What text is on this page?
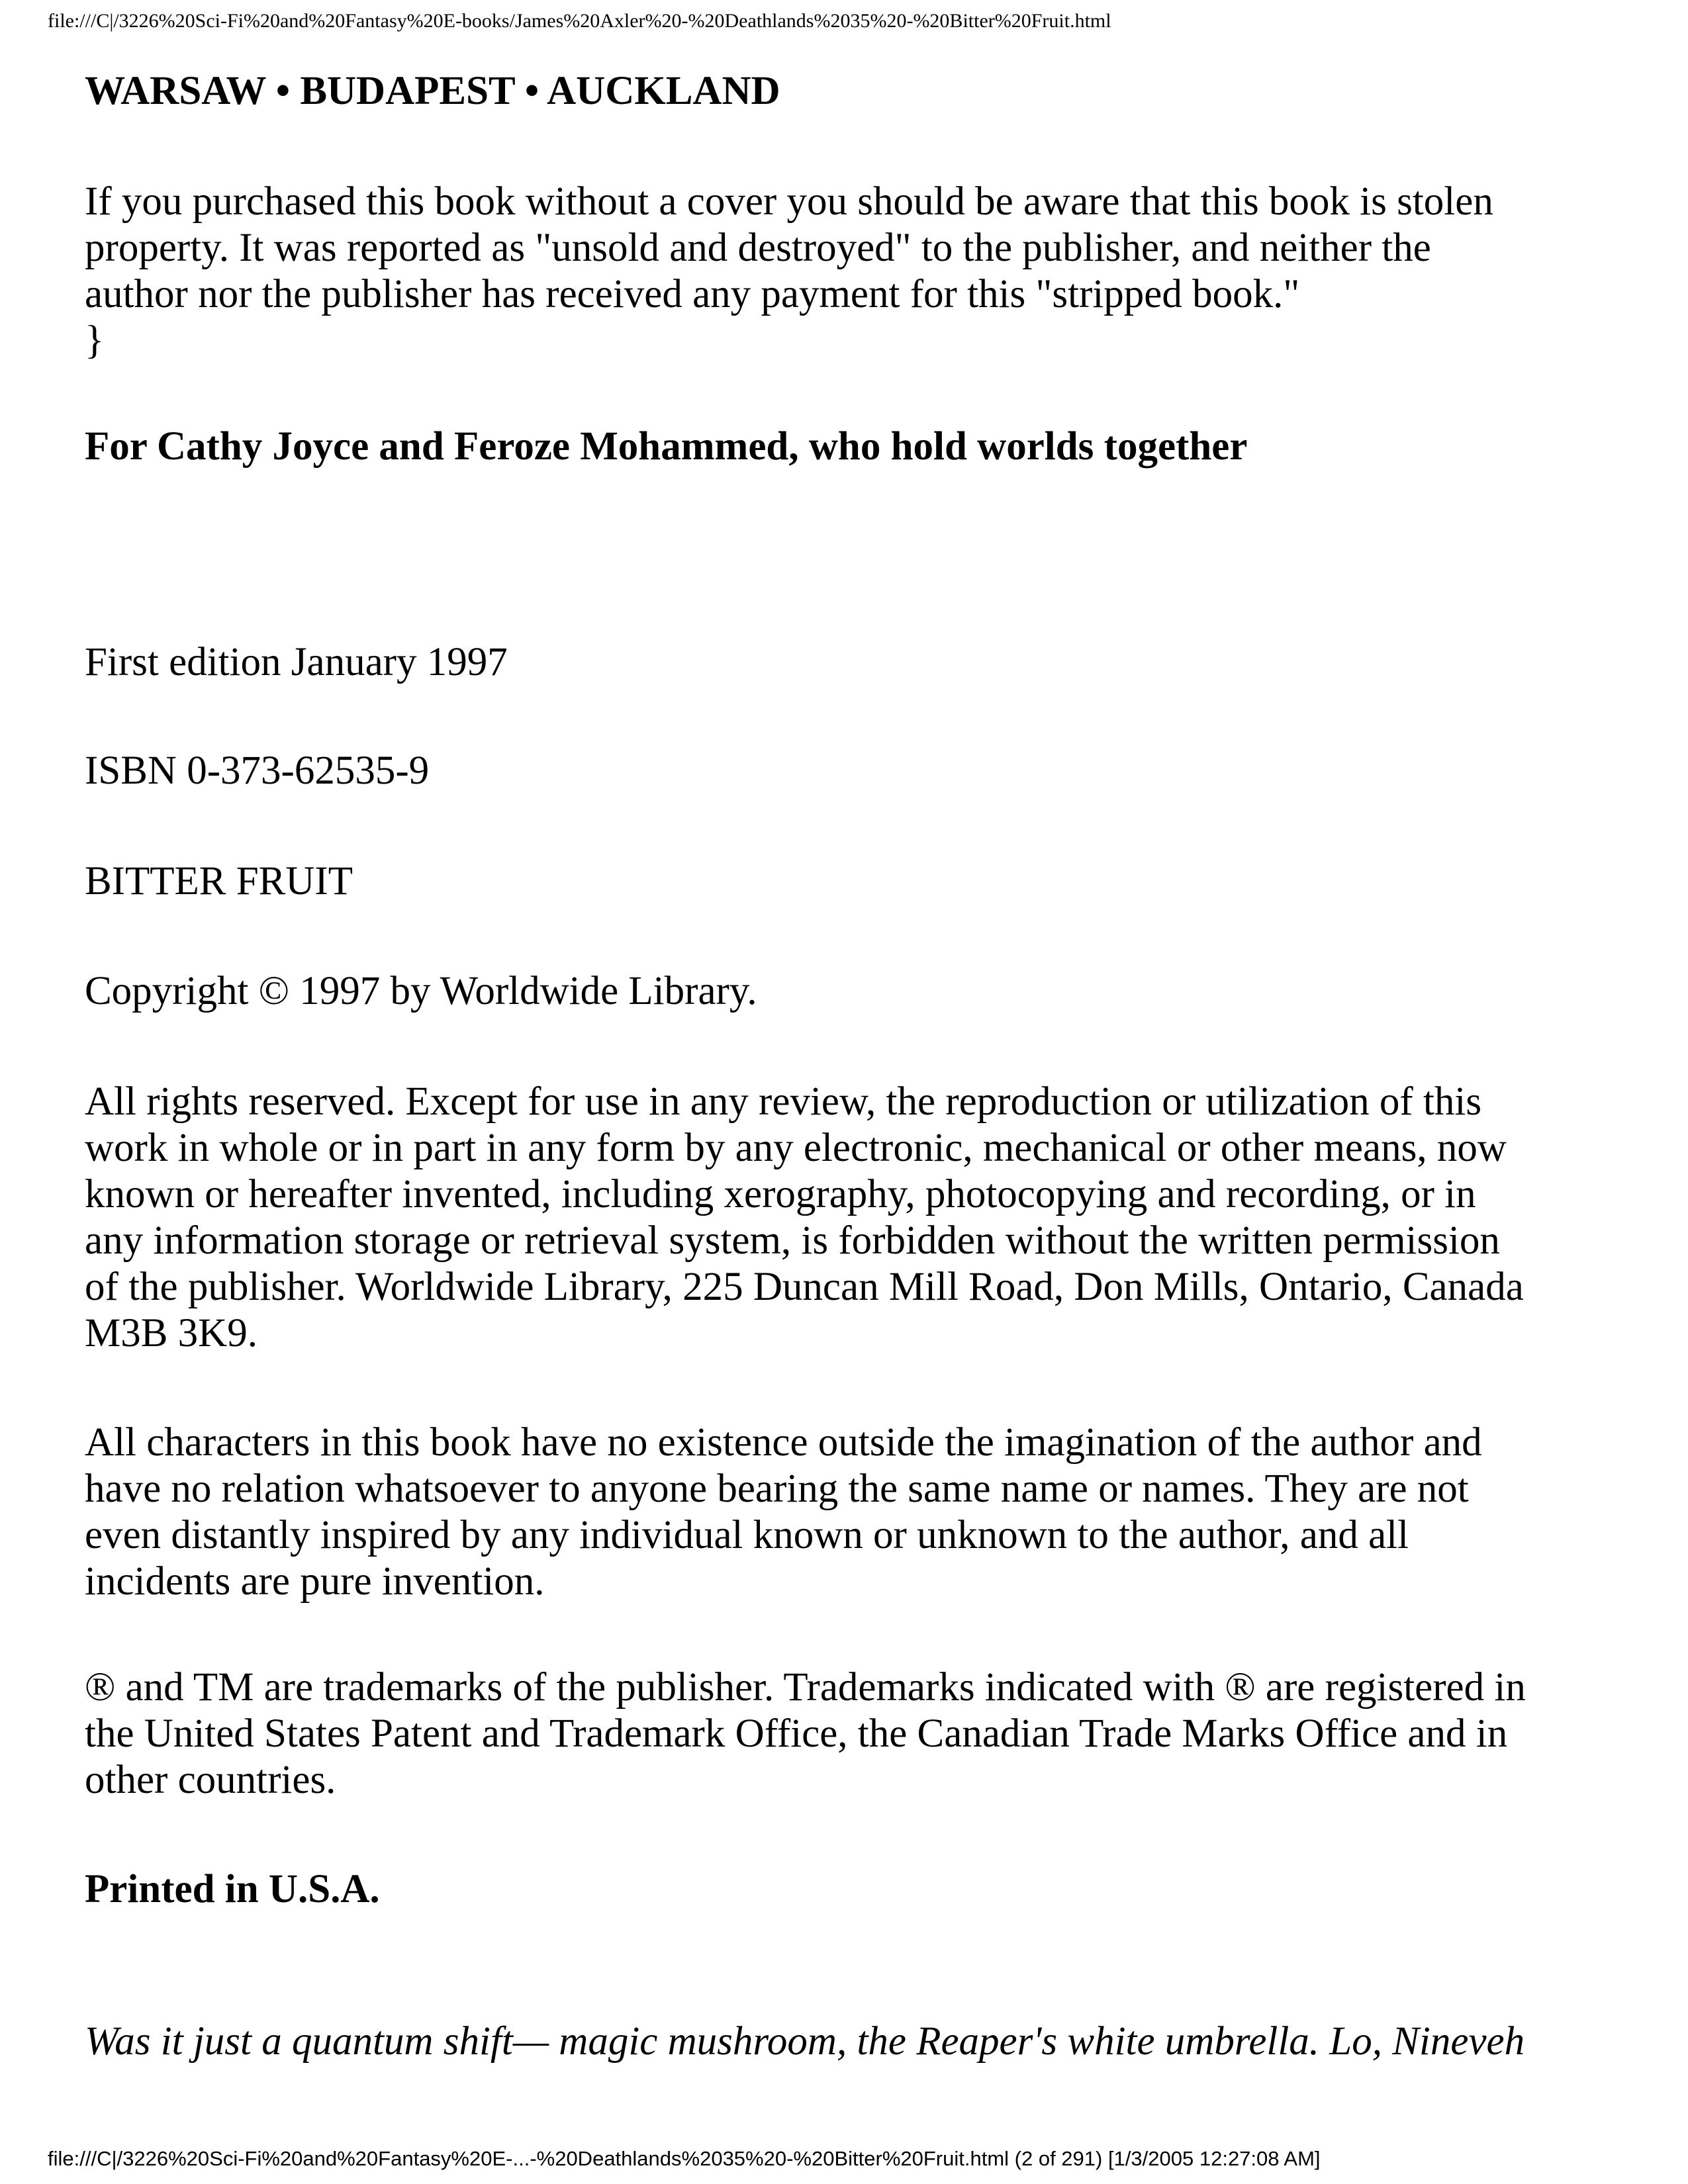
file:///C|/3226%20Sci-Fi%20and%20Fantasy%20E-books/James%20Axler%20-%20Deathlands%2035%20-%20Bitter%20Fruit.html
WARSAW • BUDAPEST • AUCKLAND
If you purchased this book without a cover you should be aware that this book is stolen
property. It was reported as "unsold and destroyed" to the publisher, and neither the
author nor the publisher has received any payment for this "stripped book."
}
For Cathy Joyce and Feroze Mohammed, who hold worlds together
First edition January 1997
ISBN 0-373-62535-9
BITTER FRUIT
Copyright © 1997 by Worldwide Library.
All rights reserved. Except for use in any review, the reproduction or utilization of this
work in whole or in part in any form by any electronic, mechanical or other means, now
known or hereafter invented, including xerography, photocopying and recording, or in
any information storage or retrieval system, is forbidden without the written permission
of the publisher. Worldwide Library, 225 Duncan Mill Road, Don Mills, Ontario, Canada
M3B 3K9.
All characters in this book have no existence outside the imagination of the author and
have no relation whatsoever to anyone bearing the same name or names. They are not
even distantly inspired by any individual known or unknown to the author, and all
incidents are pure invention.
® and TM are trademarks of the publisher. Trademarks indicated with ® are registered in
the United States Patent and Trademark Office, the Canadian Trade Marks Office and in
other countries.
Printed in U.S.A.
Was it just a quantum shift— magic mushroom, the Reaper's white umbrella. Lo, Nineveh
file:///C|/3226%20Sci-Fi%20and%20Fantasy%20E-...-%20Deathlands%2035%20-%20Bitter%20Fruit.html (2 of 291) [1/3/2005 12:27:08 AM]
